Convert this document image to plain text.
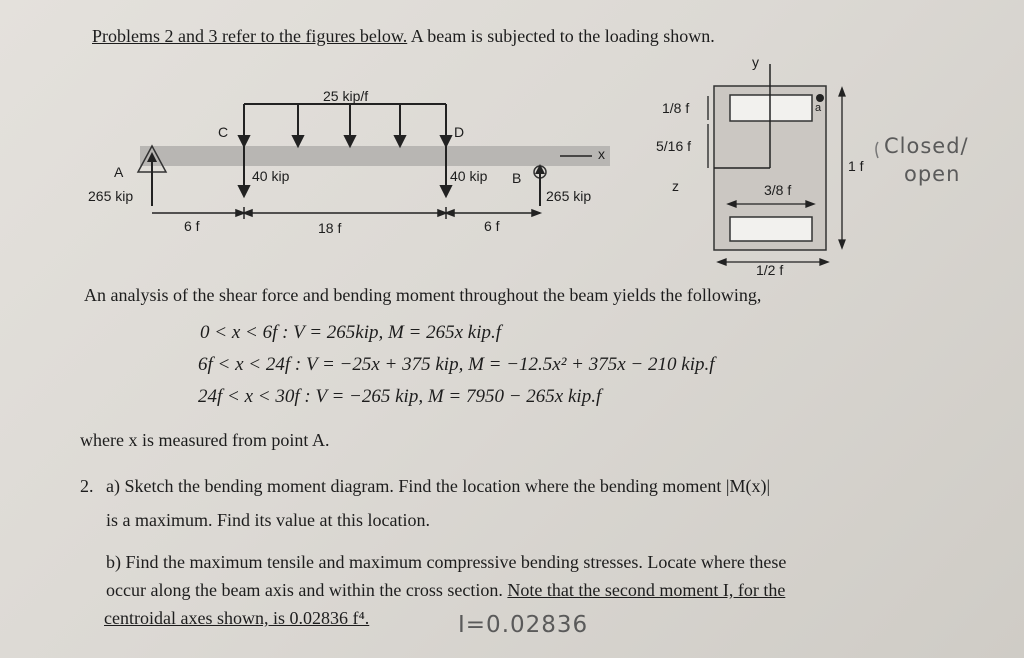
Problems 2 and 3 refer to the figures below. A beam is subjected to the loading shown.
25 kip/f
C	D
A
265 kip
40 kip	40 kip B
265 kip
x
6 f	18 f	6 f
y
1/8 f
5/16 f
z
1 f
3/8 f
1/2 f
a
Closed/
open
An analysis of the shear force and bending moment throughout the beam yields the following,
0 < x < 6f : V = 265kip, M = 265x kip.f
6f < x < 24f : V = −25x + 375 kip, M = −12.5x² + 375x − 210 kip.f
24f < x < 30f : V = −265 kip, M = 7950 − 265x kip.f
where x is measured from point A.
2. a) Sketch the bending moment diagram. Find the location where the bending moment |M(x)|
is a maximum. Find its value at this location.
b) Find the maximum tensile and maximum compressive bending stresses. Locate where these
occur along the beam axis and within the cross section. Note that the second moment I, for the
centroidal axes shown, is 0.02836 f⁴.	I=0.02836
